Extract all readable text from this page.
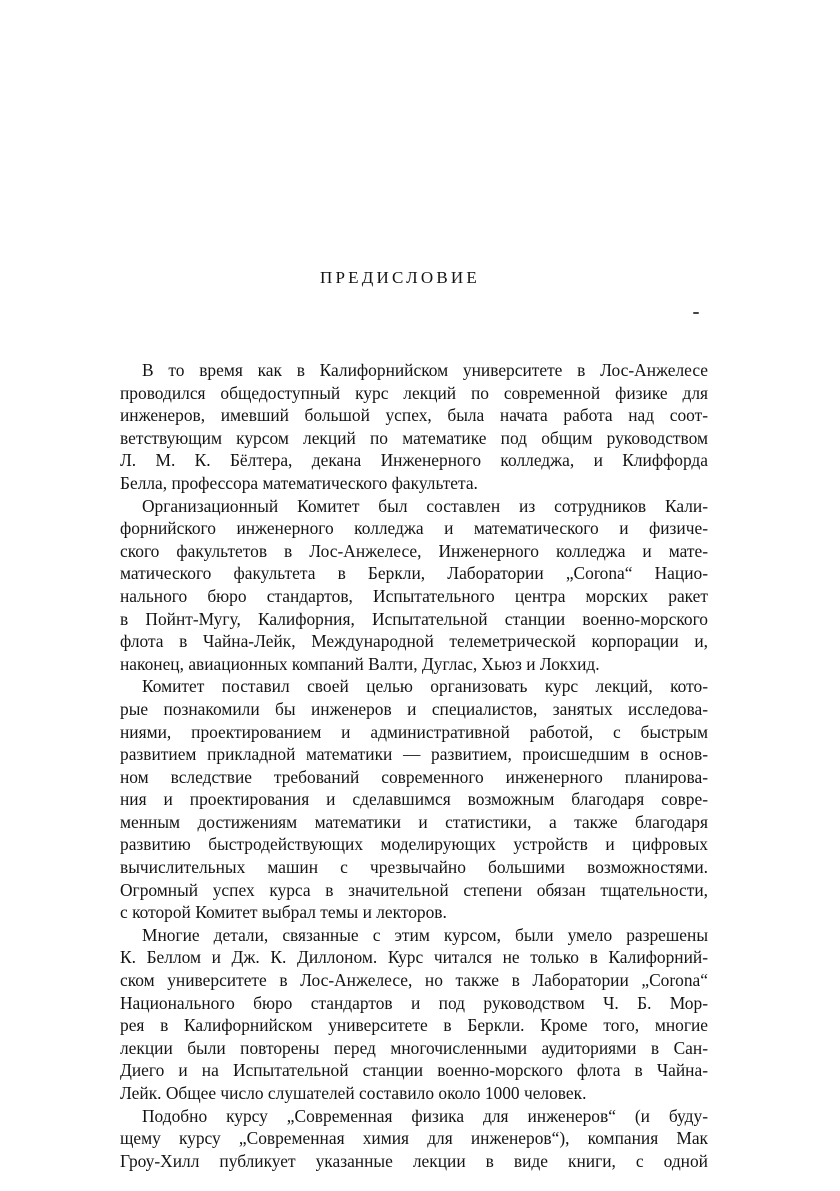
ПРЕДИСЛОВИЕ
В то время как в Калифорнийском университете в Лос-Анжелесе
проводился общедоступный курс лекций по современной физике для
инженеров, имевший большой успех, была начата работа над соот-
ветствующим курсом лекций по математике под общим руководством
Л. М. К. Бёлтера, декана Инженерного колледжа, и Клиффорда
Белла, профессора математического факультета.
Организационный Комитет был составлен из сотрудников Кали-
форнийского инженерного колледжа и математического и физиче-
ского факультетов в Лос-Анжелесе, Инженерного колледжа и мате-
матического факультета в Беркли, Лаборатории „Corona“ Нацио-
нального бюро стандартов, Испытательного центра морских ракет
в Пойнт-Мугу, Калифорния, Испытательной станции военно-морского
флота в Чайна-Лейк, Международной телеметрической корпорации и,
наконец, авиационных компаний Валти, Дуглас, Хьюз и Локхид.
Комитет поставил своей целью организовать курс лекций, кото-
рые познакомили бы инженеров и специалистов, занятых исследова-
ниями, проектированием и административной работой, с быстрым
развитием прикладной математики — развитием, происшедшим в основ-
ном вследствие требований современного инженерного планирова-
ния и проектирования и сделавшимся возможным благодаря совре-
менным достижениям математики и статистики, а также благодаря
развитию быстродействующих моделирующих устройств и цифровых
вычислительных машин с чрезвычайно большими возможностями.
Огромный успех курса в значительной степени обязан тщательности,
с которой Комитет выбрал темы и лекторов.
Многие детали, связанные с этим курсом, были умело разрешены
К. Беллом и Дж. К. Диллоном. Курс читался не только в Калифорний-
ском университете в Лос-Анжелесе, но также в Лаборатории „Corona“
Национального бюро стандартов и под руководством Ч. Б. Мор-
рея в Калифорнийском университете в Беркли. Кроме того, многие
лекции были повторены перед многочисленными аудиториями в Сан-
Диего и на Испытательной станции военно-морского флота в Чайна-
Лейк. Общее число слушателей составило около 1000 человек.
Подобно курсу „Современная физика для инженеров“ (и буду-
щему курсу „Современная химия для инженеров“), компания Мак
Гроу-Хилл публикует указанные лекции в виде книги, с одной
